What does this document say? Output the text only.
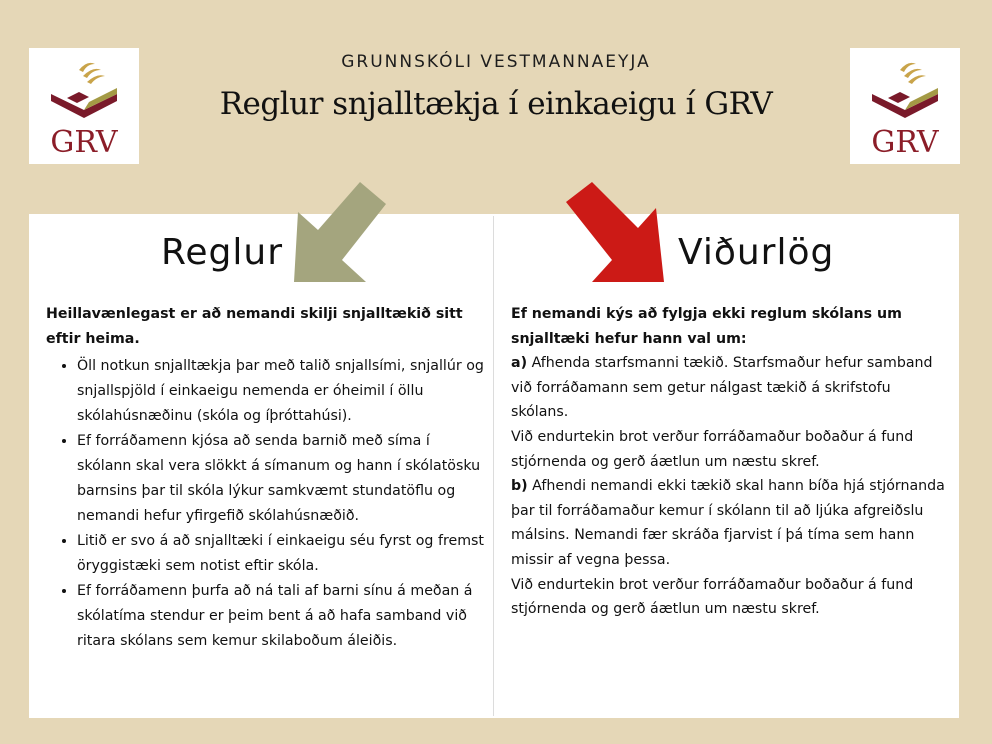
GRV	GRV
GRUNNSKÓLI VESTMANNAEYJA
Reglur snjalltækja í einkaeigu í GRV
Reglur	Viðurlög

Heillavænlegast er að nemandi skilji snjalltækið sitt eftir heima.

• Öll notkun snjalltækja þar með talið snjallsími, snjallúr og snjallspjöld í einkaeigu nemenda er óheimil í öllu skólahúsnæðinu (skóla og íþróttahúsi).
• Ef forráðamenn kjósa að senda barnið með síma í skólann skal vera slökkt á símanum og hann í skólatösku barnsins þar til skóla lýkur samkvæmt stundatöflu og nemandi hefur yfirgefið skólahúsnæðið.
• Litið er svo á að snjalltæki í einkaeigu séu fyrst og fremst öryggistæki sem notist eftir skóla.
• Ef forráðamenn þurfa að ná tali af barni sínu á meðan á skólatíma stendur er þeim bent á að hafa samband við ritara skólans sem kemur skilaboðum áleiðis.

Ef nemandi kýs að fylgja ekki reglum skólans um snjalltæki hefur hann val um:

a) Afhenda starfsmanni tækið. Starfsmaður hefur samband við forráðamann sem getur nálgast tækið á skrifstofu skólans.

Við endurtekin brot verður forráðamaður boðaður á fund stjórnenda og gerð áætlun um næstu skref.

b) Afhendi nemandi ekki tækið skal hann bíða hjá stjórnanda þar til forráðamaður kemur í skólann til að ljúka afgreiðslu málsins. Nemandi fær skráða fjarvist í þá tíma sem hann missir af vegna þessa.

Við endurtekin brot verður forráðamaður boðaður á fund stjórnenda og gerð áætlun um næstu skref.
